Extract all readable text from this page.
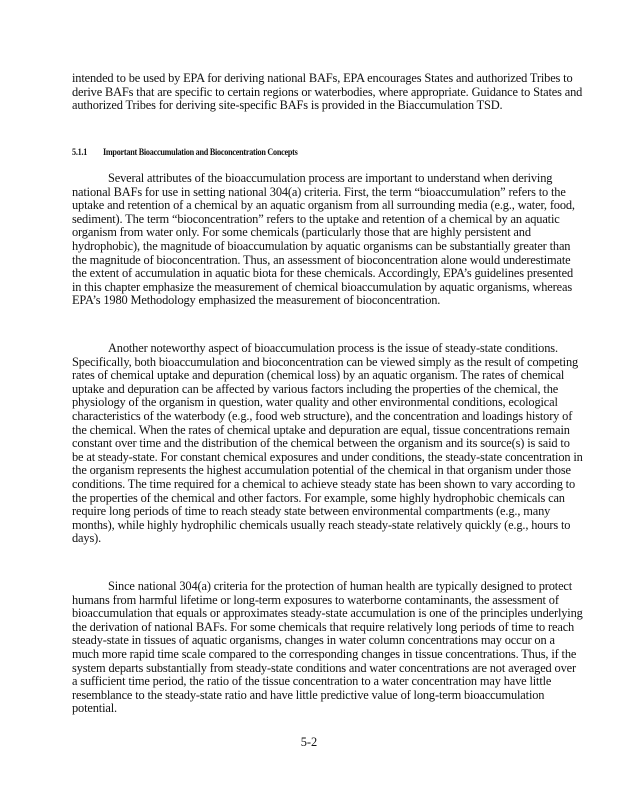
intended to be used by EPA for deriving national BAFs, EPA encourages States and authorized Tribes to derive BAFs that are specific to certain regions or waterbodies, where appropriate. Guidance to States and authorized Tribes for deriving site-specific BAFs is provided in the Biaccumulation TSD.

5.1.1 Important Bioaccumulation and Bioconcentration Concepts

Several attributes of the bioaccumulation process are important to understand when deriving national BAFs for use in setting national 304(a) criteria. First, the term “bioaccumulation” refers to the uptake and retention of a chemical by an aquatic organism from all surrounding media (e.g., water, food, sediment). The term “bioconcentration” refers to the uptake and retention of a chemical by an aquatic organism from water only. For some chemicals (particularly those that are highly persistent and hydrophobic), the magnitude of bioaccumulation by aquatic organisms can be substantially greater than the magnitude of bioconcentration. Thus, an assessment of bioconcentration alone would underestimate the extent of accumulation in aquatic biota for these chemicals. Accordingly, EPA’s guidelines presented in this chapter emphasize the measurement of chemical bioaccumulation by aquatic organisms, whereas EPA’s 1980 Methodology emphasized the measurement of bioconcentration.

Another noteworthy aspect of bioaccumulation process is the issue of steady-state conditions. Specifically, both bioaccumulation and bioconcentration can be viewed simply as the result of competing rates of chemical uptake and depuration (chemical loss) by an aquatic organism. The rates of chemical uptake and depuration can be affected by various factors including the properties of the chemical, the physiology of the organism in question, water quality and other environmental conditions, ecological characteristics of the waterbody (e.g., food web structure), and the concentration and loadings history of the chemical. When the rates of chemical uptake and depuration are equal, tissue concentrations remain constant over time and the distribution of the chemical between the organism and its source(s) is said to be at steady-state. For constant chemical exposures and under conditions, the steady-state concentration in the organism represents the highest accumulation potential of the chemical in that organism under those conditions. The time required for a chemical to achieve steady state has been shown to vary according to the properties of the chemical and other factors. For example, some highly hydrophobic chemicals can require long periods of time to reach steady state between environmental compartments (e.g., many months), while highly hydrophilic chemicals usually reach steady-state relatively quickly (e.g., hours to days).

Since national 304(a) criteria for the protection of human health are typically designed to protect humans from harmful lifetime or long-term exposures to waterborne contaminants, the assessment of bioaccumulation that equals or approximates steady-state accumulation is one of the principles underlying the derivation of national BAFs. For some chemicals that require relatively long periods of time to reach steady-state in tissues of aquatic organisms, changes in water column concentrations may occur on a much more rapid time scale compared to the corresponding changes in tissue concentrations. Thus, if the system departs substantially from steady-state conditions and water concentrations are not averaged over a sufficient time period, the ratio of the tissue concentration to a water concentration may have little resemblance to the steady-state ratio and have little predictive value of long-term bioaccumulation potential.

5-2
